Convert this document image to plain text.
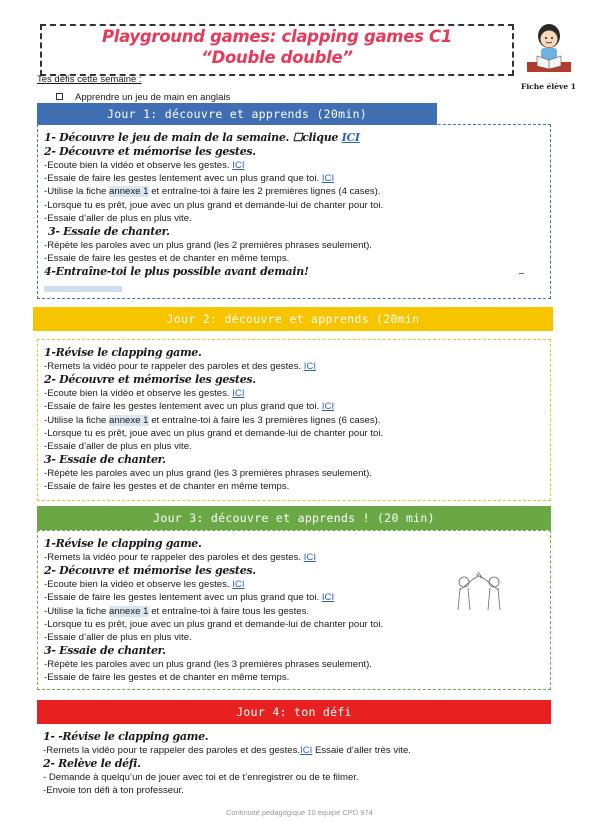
Playground games: clapping games C1
“Double double”
Fiche élève 1
Tes défis cette semaine :
Apprendre un jeu de main en anglais
Jour 1: découvre et apprends (20min)
1- Découvre le jeu de main de la semaine. ☐clique ICI
2- Découvre et mémorise les gestes.
-Ecoute bien la vidéo et observe les gestes. ICI
-Essaie de faire les gestes lentement avec un plus grand que toi. ICI
-Utilise la fiche annexe 1 et entraîne-toi à faire les 2 premières lignes (4 cases).
-Lorsque tu es prêt, joue avec un plus grand et demande-lui de chanter pour toi.
-Essaie d’aller de plus en plus vite.
3- Essaie de chanter.
-Répète les paroles avec un plus grand (les 2 premières phrases seulement).
-Essaie de faire les gestes et de chanter en même temps.
4-Entraîne-toi le plus possible avant demain!
Jour 2: découvre et apprends (20min
1-Révise le clapping game.
-Remets la vidéo pour te rappeler des paroles et des gestes. ICI
2- Découvre et mémorise les gestes.
-Ecoute bien la vidéo et observe les gestes. ICI
-Essaie de faire les gestes lentement avec un plus grand que toi. ICI
-Utilise la fiche annexe 1 et entraîne-toi à faire les 3 premières lignes (6 cases).
-Lorsque tu es prêt, joue avec un plus grand et demande-lui de chanter pour toi.
-Essaie d’aller de plus en plus vite.
3- Essaie de chanter.
-Répète les paroles avec un plus grand (les 3 premières phrases seulement).
-Essaie de faire les gestes et de chanter en même temps.
Jour 3: découvre et apprends ! (20 min)
1-Révise le clapping game.
-Remets la vidéo pour te rappeler des paroles et des gestes. ICI
2- Découvre et mémorise les gestes.
-Ecoute bien la vidéo et observe les gestes. ICI
-Essaie de faire les gestes lentement avec un plus grand que toi. ICI
-Utilise la fiche annexe 1 et entraîne-toi à faire tous les gestes.
-Lorsque tu es prêt, joue avec un plus grand et demande-lui de chanter pour toi.
-Essaie d’aller de plus en plus vite.
3- Essaie de chanter.
-Répète les paroles avec un plus grand (les 3 premières phrases seulement).
-Essaie de faire les gestes et de chanter en même temps.
Jour 4: ton défi
1- -Révise le clapping game.
-Remets la vidéo pour te rappeler des paroles et des gestes.ICI Essaie d’aller très vite.
2- Relève le défi.
- Demande à quelqu’un de jouer avec toi et de t’enregistrer ou de te filmer.
-Envoie ton défi à ton professeur.
Continuité pédagogique 10 équipe CPD 974
